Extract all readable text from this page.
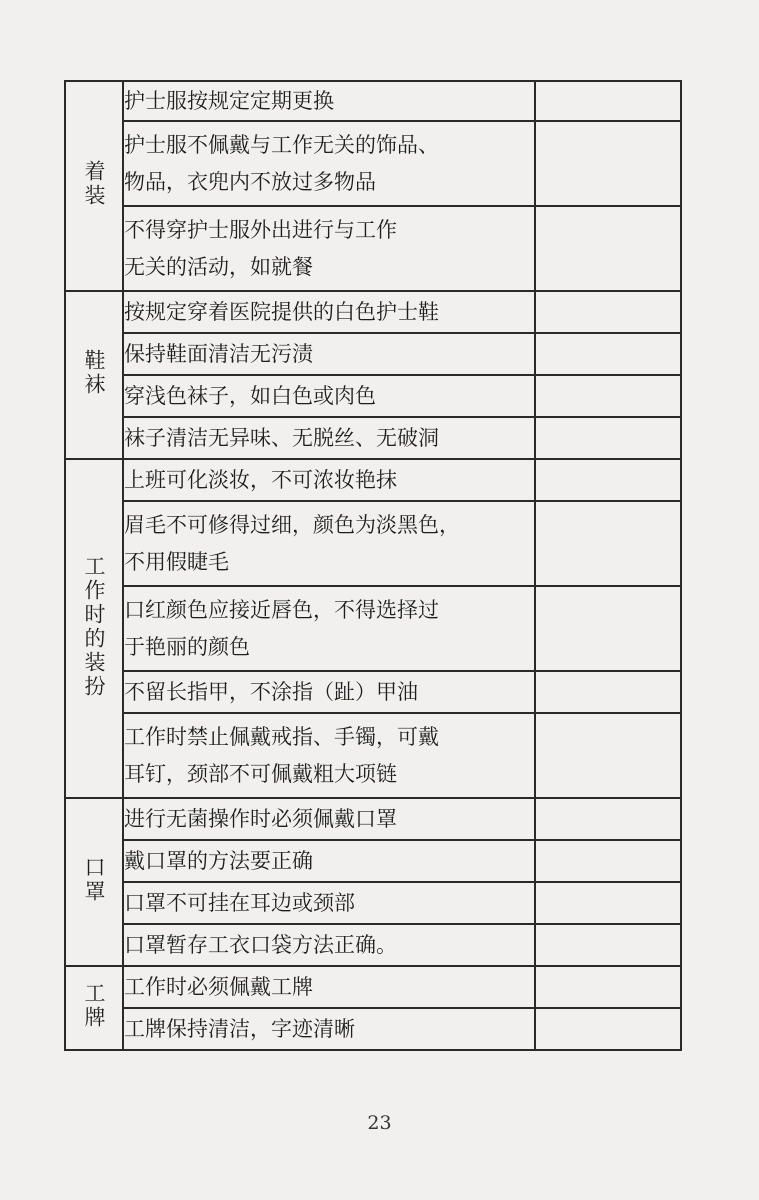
着装	护士服按规定定期更换	

	护士服不佩戴与工作无关的饰品、
物品，衣兜内不放过多物品	

	不得穿护士服外出进行与工作
无关的活动，如就餐	

鞋袜	按规定穿着医院提供的白色护士鞋	

	保持鞋面清洁无污渍	

	穿浅色袜子，如白色或肉色	

	袜子清洁无异味、无脱丝、无破洞	

工作时的装扮	上班可化淡妆，不可浓妆艳抹	

	眉毛不可修得过细，颜色为淡黑色，
不用假睫毛	

	口红颜色应接近唇色，不得选择过
于艳丽的颜色	

	不留长指甲，不涂指（趾）甲油	

	工作时禁止佩戴戒指、手镯，可戴
耳钉，颈部不可佩戴粗大项链	

口罩	进行无菌操作时必须佩戴口罩	

	戴口罩的方法要正确	

	口罩不可挂在耳边或颈部	

	口罩暂存工衣口袋方法正确。	

工牌	工作时必须佩戴工牌	

	工牌保持清洁，字迹清晰	

23
